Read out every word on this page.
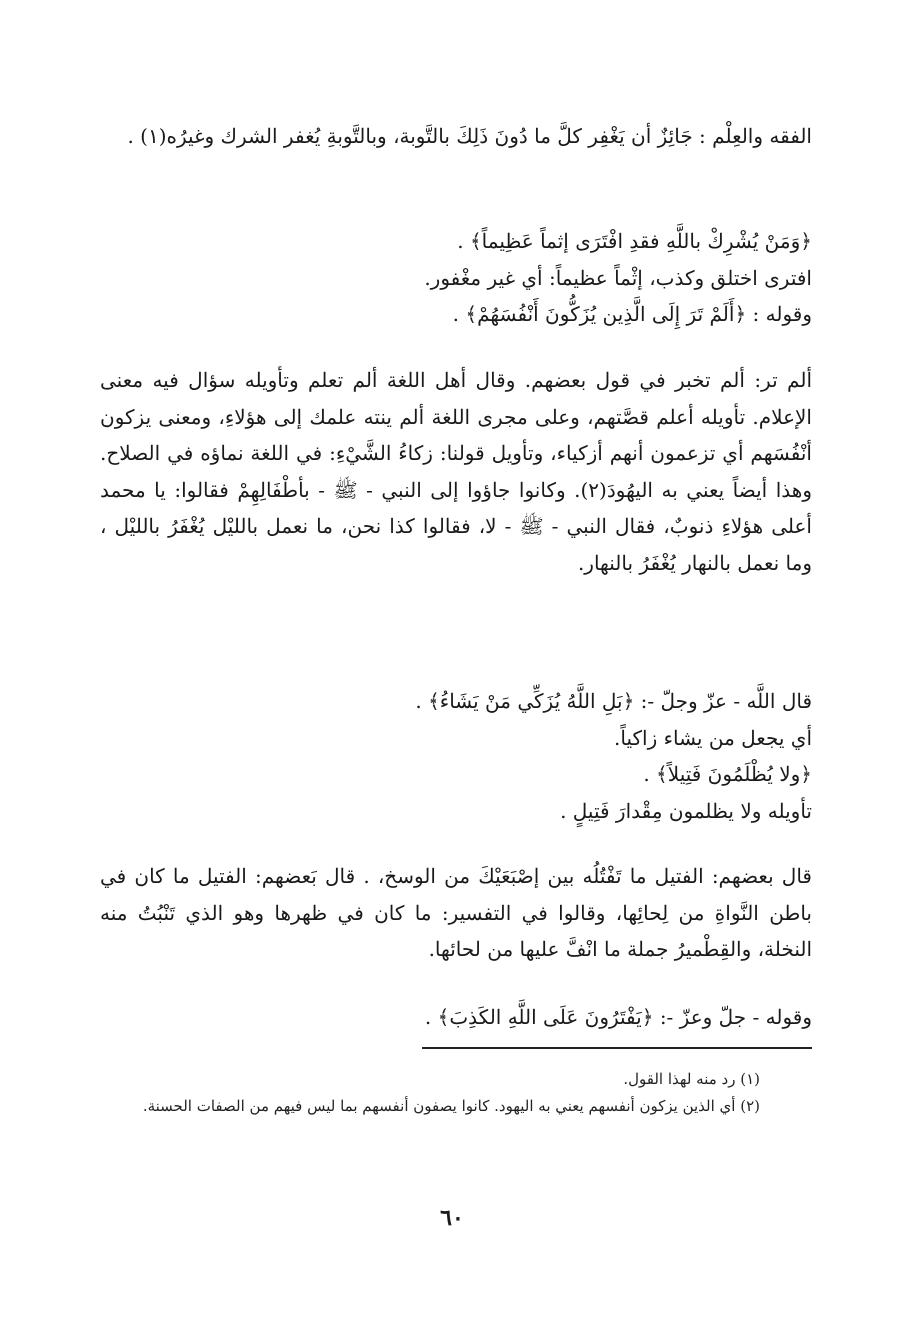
الفقه والعِلْم : جَائِزٌ أن يَغْفِر كلَّ ما دُونَ ذَلِكَ بالتَّوبة، وبالتَّوبةِ يُغفر الشرك وغيرُه(١) .

﴿وَمَنْ يُشْرِكْ باللَّهِ فقدِ افْتَرَى إثماً عَظِيماً﴾ .

افترى اختلق وكذب، إثْماً عظيماً: أي غير مغْفور.

وقوله : ﴿أَلَمْ تَرَ إِلَى الَّذِين يُزَكُّونَ أَنْفُسَهُمْ﴾ .

ألم تر: ألم تخبر في قول بعضهم. وقال أهل اللغة ألم تعلم وتأويله سؤال فيه معنى الإعلام. تأويله أعلم قصَّتهم، وعلى مجرى اللغة ألم ينته علمك إلى هؤلاءِ، ومعنى يزكون أنْفُسَهم أي تزعمون أنهم أزكياء، وتأويل قولنا: زكاءُ الشَّيْءِ: في اللغة نماؤه في الصلاح. وهذا أيضاً يعني به اليهُودَ(٢). وكانوا جاؤوا إلى النبي - ﷺ - بأطْفَالِهِمْ فقالوا: يا محمد أعلى هؤلاءِ ذنوبٌ، فقال النبي - ﷺ - لا، فقالوا كذا نحن، ما نعمل بالليْل يُغْفَرُ بالليْل ، وما نعمل بالنهار يُغْفَرُ بالنهار.

قال اللَّه - عزّ وجلّ -: ﴿بَلِ اللَّهُ يُزَكِّي مَنْ يَشَاءُ﴾ .

أي يجعل من يشاء زاكياً.

﴿ولا يُظْلَمُونَ فَتِيلاً﴾ .

تأويله ولا يظلمون مِقْدارَ فَتِيلٍ .

قال بعضهم: الفتيل ما تَفْتُلُه بين إصْبَعَيْكَ من الوسخ، . قال بَعضهم: الفتيل ما كان في باطن النَّواةِ من لِحائِها، وقالوا في التفسير: ما كان في ظهرها وهو الذي تَنْبُتُ منه النخلة، والقِطْميرُ جملة ما انْفَّ عليها من لحائها.

وقوله - جلّ وعزّ -: ﴿يَفْتَرُونَ عَلَى اللَّهِ الكَذِبَ﴾ .

(١) رد منه لهذا القول.

(٢) أي الذين يزكون أنفسهم يعني به اليهود. كانوا يصفون أنفسهم بما ليس فيهم من الصفات الحسنة.

٦٠
